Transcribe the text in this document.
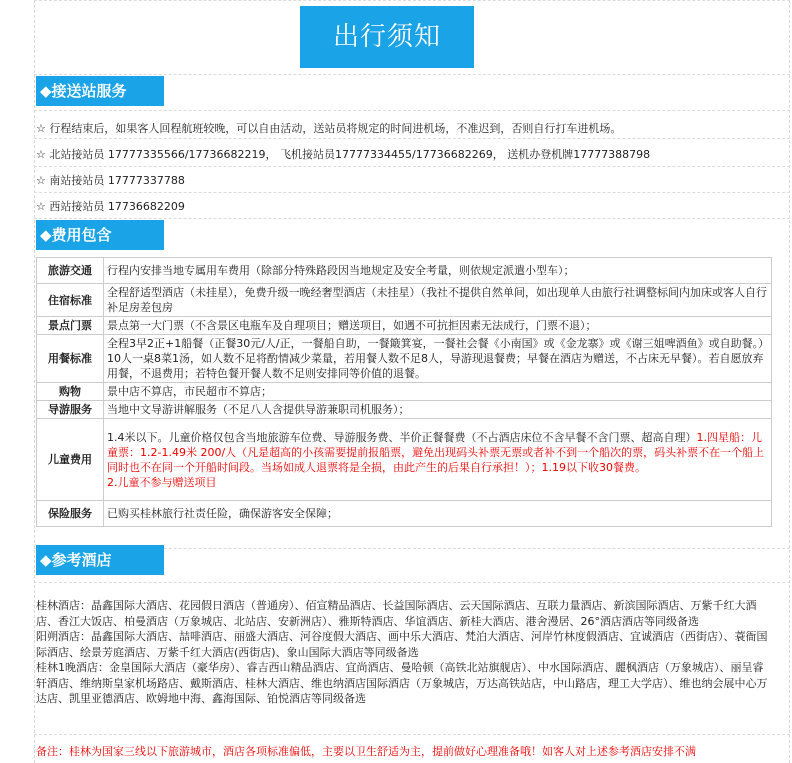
出行须知
◆接送站服务
☆ 行程结束后，如果客人回程航班较晚，可以自由活动，送站员将规定的时间进机场，不准迟到，否则自行打车进机场。
☆ 北站接站员 17777335566/17736682219， 飞机接站员17777334455/17736682269， 送机办登机牌17777388798
☆ 南站接站员 17777337788
☆ 西站接站员 17736682209
◆费用包含
旅游交通	行程内安排当地专属用车费用（除部分特殊路段因当地规定及安全考量，则依规定派遣小型车）；
住宿标准	全程舒适型酒店（未挂星），免费升级一晚经奢型酒店（未挂星）（我社不提供自然单间，如出现单人由旅行社调整标间内加床或客人自行补足房差包房
景点门票	景点第一大门票（不含景区电瓶车及自理项目；赠送项目，如遇不可抗拒因素无法成行，门票不退）；
用餐标准	全程3早2正+1船餐（正餐30元/人/正，一餐船自助，一餐簸箕宴，一餐社会餐《小南国》或《金龙寨》或《谢三姐啤酒鱼》或自助餐。）10人一桌8菜1汤，如人数不足将酌情减少菜量，若用餐人数不足8人，导游现退餐费；早餐在酒店为赠送，不占床无早餐）。若自愿放弃用餐，不退费用；若特色餐开餐人数不足则安排同等价值的退餐。
购物	景中店不算店，市民超市不算店；
导游服务	当地中文导游讲解服务（不足八人含提供导游兼职司机服务）；
儿童费用	1.4米以下。儿童价格仅包含当地旅游车位费、导游服务费、半价正餐餐费（不占酒店床位不含早餐不含门票、超高自理）1.四星船：儿童票：1.2-1.49米 200/人（凡是超高的小孩需要提前报船票，避免出现码头补票无票或者补不到一个船次的票，码头补票不在一个船上同时也不在同一个开船时间段。当场如成人退票将是全损，由此产生的后果自行承担！）；1.19以下收30餐费。
2.儿童不参与赠送项目
保险服务	已购买桂林旅行社责任险，确保游客安全保障；
◆参考酒店
桂林酒店：晶鑫国际大酒店、花园假日酒店（普通房）、佰宣精品酒店、长益国际酒店、云天国际酒店、互联力量酒店、新滨国际酒店、万紫千红大酒店、香江大饭店、柏曼酒店（万象城店、北站店、安新洲店）、雅斯特酒店、华谊酒店、新桂大酒店、港舍漫居、26°酒店酒店等同级备选
阳朔酒店：晶鑫国际大酒店、喆啡酒店、丽盛大酒店、河谷度假大酒店、画中乐大酒店、梵泊大酒店、河岸竹林度假酒店、宜诚酒店（西街店）、蓑衙国际酒店、绘景芳庭酒店、万紫千红大酒店(西街店)、象山国际大酒店等同级备选
桂林1晚酒店：金皇国际大酒店（豪华房）、睿吉西山精品酒店、宜尚酒店、曼哈顿（高铁北站旗舰店）、中水国际酒店、麗枫酒店（万象城店）、丽呈睿轩酒店、维纳斯皇家机场路店、戴斯酒店、桂林大酒店、维也纳酒店国际酒店（万象城店，万达高铁站店，中山路店，理工大学店）、维也纳会展中心万达店、凯里亚德酒店、欧姆地中海、鑫海国际、铂悦酒店等同级备选
备注：桂林为国家三线以下旅游城市，酒店各项标准偏低，主要以卫生舒适为主，提前做好心理准备哦！如客人对上述参考酒店安排不满
